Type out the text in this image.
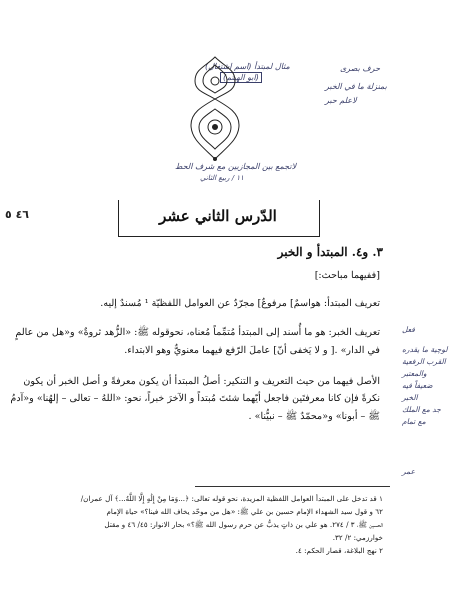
مثال لمبتدأ (اسم اشتغال)
(ابو الهيثم)
حرف بصرى
بمنزلة ما في الخبر
لاعلم حبر
لاتجمع بين المجازيين مع شرف الحط
١١ / ربيع الثاني
٤٦ ٥	الدّرس الثاني عشر
٣. و٤. المبتدأ و الخبر
[ففيهما مباحث:]
تعريف المبتدأ: هواسمٌ] مرفوعٌ] مجرّدٌ عن العوامل اللفظيّة ¹ مُسندٌ إليه.
تعريف الخبر: هو ما أُسند إلى المبتدأ مُتمِّماً مُعناه، نحوقوله ﷺ: «الزُّهد ثروةٌ» و«هل من عالمٍ
في الدار» .[ و لا يَخفى أنّ] عاملَ الرّفع فيهما معنويٌّ وهو الابتداء.
الأصل فيهما من حيث التعريف و التنكير: أصلُ المبتدأ أن يكون معرفةً و أصل الخبر أن يكون
نكرةً فإن كانا معرفتَين فاجعل أيّهما شئتَ مُبتداً و الآخرَ خبراً، نحو: «اللهُ – تعالى – إلهُنا» و«آدمُ
ﷺ – أبونا» و«محمّدٌ ﷺ – نبيُّنا» .
فعل
لوچية ما يقدره
القرب الرفعية
والمعتبر
ضعيفاً فيه
الخبر
جد مع الملك
مع تمام
عمر
١ قد تدخل على المبتدأ العوامل اللفظية المزيدة، نحو قوله تعالى: ﴿...وَمَا مِنْ إِلَٰهٍ إِلَّا اللَّهُ...﴾ آل عمران/
٦٢ و قول سيد الشهداء الإمام حسين بن علي ﷺ: «هل من موحّد يخاف الله فينا؟» حياة الإمام
الحسين ﷺ، ٣ / ٢٧٤. هو علي بن ذاتٍ يذبُّ عن حرم رسول الله ﷺ؟» بحار الانوار: ٤٥/ ٤٦ و مقتل
خوارزمي: ٢/ ٣٢.
٢ نهج البلاغة، قصار الحكم: ٤.
